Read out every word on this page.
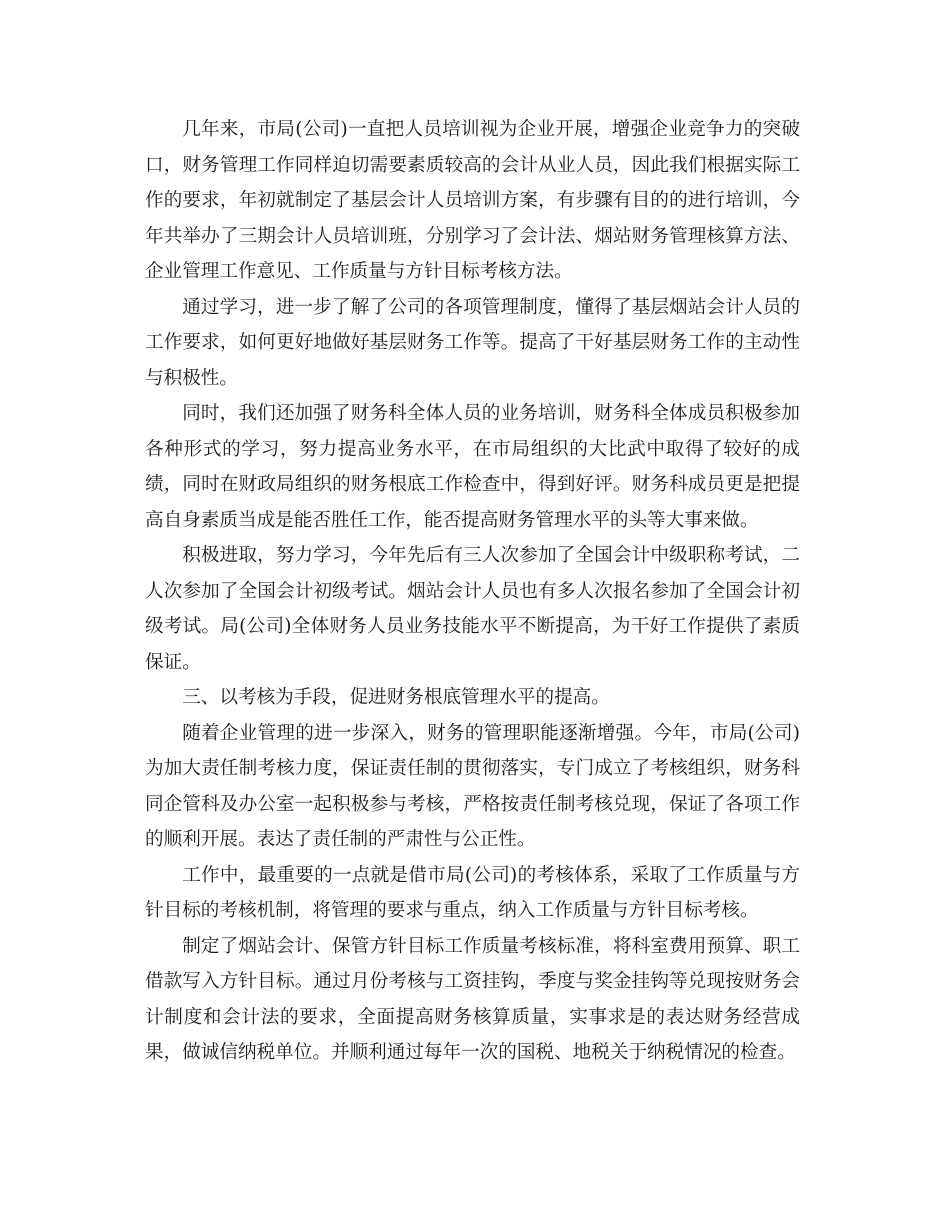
几年来，市局(公司)一直把人员培训视为企业开展，增强企业竞争力的突破口，财务管理工作同样迫切需要素质较高的会计从业人员，因此我们根据实际工作的要求，年初就制定了基层会计人员培训方案，有步骤有目的的进行培训，今年共举办了三期会计人员培训班，分别学习了会计法、烟站财务管理核算方法、企业管理工作意见、工作质量与方针目标考核方法。

通过学习，进一步了解了公司的各项管理制度，懂得了基层烟站会计人员的工作要求，如何更好地做好基层财务工作等。提高了干好基层财务工作的主动性与积极性。

同时，我们还加强了财务科全体人员的业务培训，财务科全体成员积极参加各种形式的学习，努力提高业务水平，在市局组织的大比武中取得了较好的成绩，同时在财政局组织的财务根底工作检查中，得到好评。财务科成员更是把提高自身素质当成是能否胜任工作，能否提高财务管理水平的头等大事来做。

积极进取，努力学习，今年先后有三人次参加了全国会计中级职称考试，二人次参加了全国会计初级考试。烟站会计人员也有多人次报名参加了全国会计初级考试。局(公司)全体财务人员业务技能水平不断提高，为干好工作提供了素质保证。

三、以考核为手段，促进财务根底管理水平的提高。

随着企业管理的进一步深入，财务的管理职能逐渐增强。今年，市局(公司)为加大责任制考核力度，保证责任制的贯彻落实，专门成立了考核组织，财务科同企管科及办公室一起积极参与考核，严格按责任制考核兑现，保证了各项工作的顺利开展。表达了责任制的严肃性与公正性。

工作中，最重要的一点就是借市局(公司)的考核体系，采取了工作质量与方针目标的考核机制，将管理的要求与重点，纳入工作质量与方针目标考核。

制定了烟站会计、保管方针目标工作质量考核标准，将科室费用预算、职工借款写入方针目标。通过月份考核与工资挂钩，季度与奖金挂钩等兑现按财务会计制度和会计法的要求，全面提高财务核算质量，实事求是的表达财务经营成果，做诚信纳税单位。并顺利通过每年一次的国税、地税关于纳税情况的检查。
